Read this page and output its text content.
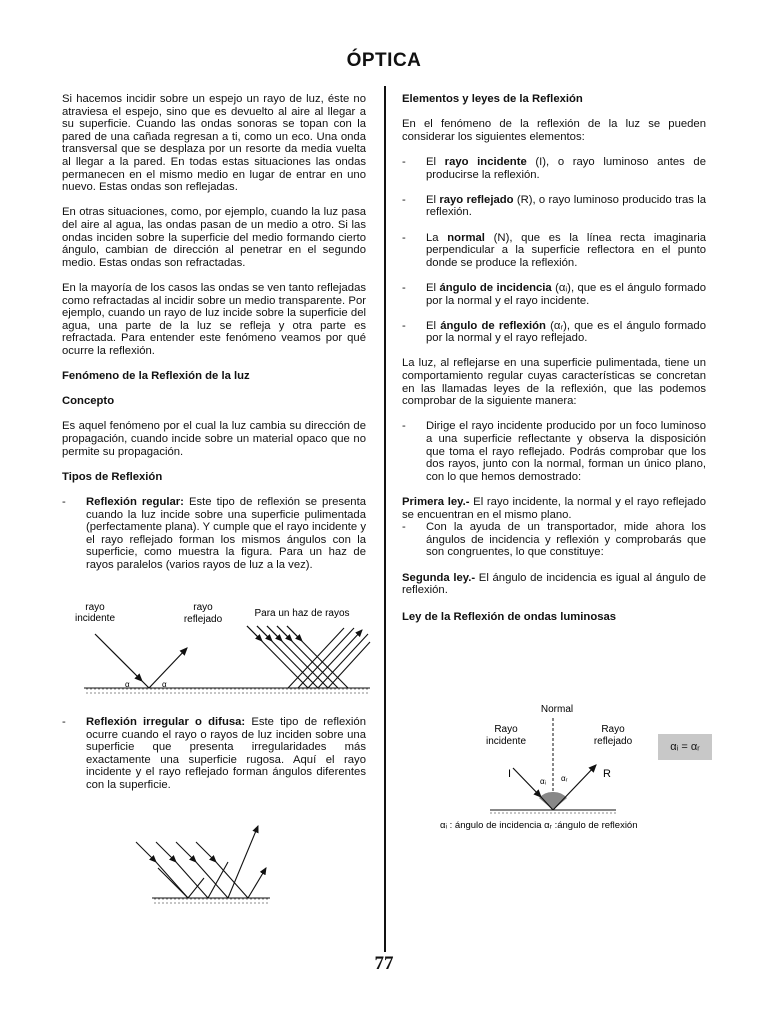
ÓPTICA

Si hacemos incidir sobre un espejo un rayo de luz, éste no atraviesa el espejo, sino que es devuelto al aire al llegar a su superficie. Cuando las ondas sonoras se topan con la pared de una cañada regresan a ti, como un eco. Una onda transversal que se desplaza por un resorte da media vuelta al llegar a la pared. En todas estas situaciones las ondas permanecen en el mismo medio en lugar de entrar en uno nuevo. Estas ondas son reflejadas.

En otras situaciones, como, por ejemplo, cuando la luz pasa del aire al agua, las ondas pasan de un medio a otro. Si las ondas inciden sobre la superficie del medio formando cierto ángulo, cambian de dirección al penetrar en el segundo medio. Estas ondas son refractadas.

En la mayoría de los casos las ondas se ven tanto reflejadas como refractadas al incidir sobre un medio transparente. Por ejemplo, cuando un rayo de luz incide sobre la superficie del agua, una parte de la luz se refleja y otra parte es refractada. Para entender este fenómeno veamos por qué ocurre la reflexión.

Fenómeno de la Reflexión de la luz
Concepto

Es aquel fenómeno por el cual la luz cambia su dirección de propagación, cuando incide sobre un material opaco que no permite su propagación.

Tipos de Reflexión
-	Reflexión regular: Este tipo de reflexión se presenta cuando la luz incide sobre una superficie pulimentada (perfectamente plana). Y cumple que el rayo incidente y el rayo reflejado forman los mismos ángulos con la superficie, como muestra la figura. Para un haz de rayos paralelos (varios rayos de luz a la vez).
-	Reflexión irregular o difusa: Este tipo de reflexión ocurre cuando el rayo o rayos de luz inciden sobre una superficie que presenta irregularidades más exactamente una superficie rugosa. Aquí el rayo incidente y el rayo reflejado forman ángulos diferentes con la superficie.
rayo
incidente
rayo
reflejado
Para un haz de rayos
α	α
Elementos y leyes de la Reflexión

En el fenómeno de la reflexión de la luz se pueden considerar los siguientes elementos:

-	El rayo incidente (I), o rayo luminoso antes de producirse la reflexión.
-	El rayo reflejado (R), o rayo luminoso producido tras la reflexión.
-	La normal (N), que es la línea recta imaginaria perpendicular a la superficie reflectora en el punto donde se produce la reflexión.
-	El ángulo de incidencia (αᵢ), que es el ángulo formado por la normal y el rayo incidente.
-	El ángulo de reflexión (αᵣ), que es el ángulo formado por la normal y el rayo reflejado.

La luz, al reflejarse en una superficie pulimentada, tiene un comportamiento regular cuyas características se concretan en las llamadas leyes de la reflexión, que las podemos comprobar de la siguiente manera:

-	Dirige el rayo incidente producido por un foco luminoso a una superficie reflectante y observa la disposición que toma el rayo reflejado. Podrás comprobar que los dos rayos, junto con la normal, forman un único plano, con lo que hemos demostrado:

Primera ley.- El rayo incidente, la normal y el rayo reflejado se encuentran en el mismo plano.

-	Con la ayuda de un transportador, mide ahora los ángulos de incidencia y reflexión y comprobarás que son congruentes, lo que constituye:

Segunda ley.- El ángulo de incidencia es igual al ángulo de reflexión.

Ley de la Reflexión de ondas luminosas
Normal
Rayo
incidente
Rayo
reflejado
I	R
αᵢ αᵣ
αᵢ : ángulo de incidencia αᵣ :ángulo de reflexión
αᵢ = αᵣ
77
